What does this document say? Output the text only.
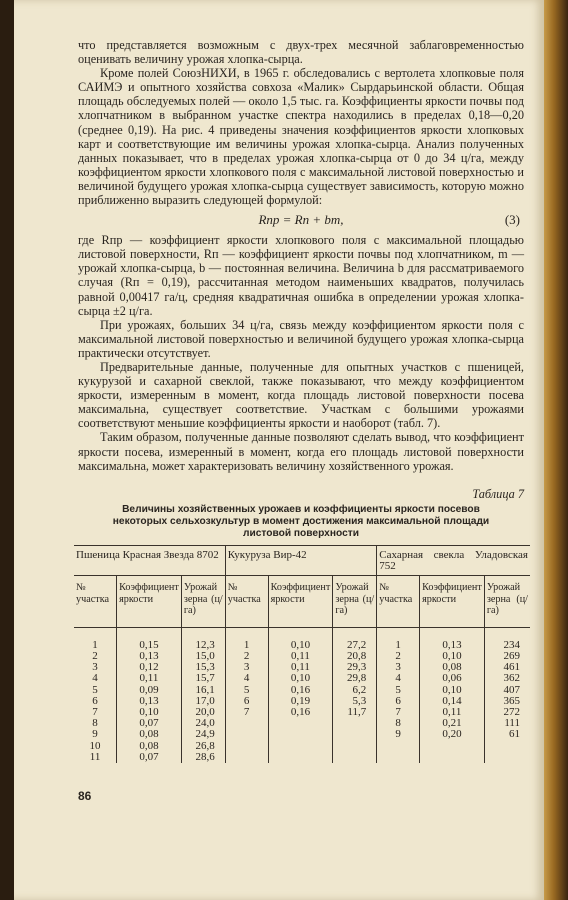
что представляется возможным с двух-трех месячной заблаговременностью оценивать величину урожая хлопка-сырца.

Кроме полей СоюзНИХИ, в 1965 г. обследовались с вертолета хлопковые поля САИМЭ и опытного хозяйства совхоза «Малик» Сырдарьинской области. Общая площадь обследуемых полей — около 1,5 тыс. га. Коэффициенты яркости почвы под хлопчатником в выбранном участке спектра находились в пределах 0,18—0,20 (среднее 0,19). На рис. 4 приведены значения коэффициентов яркости хлопковых карт и соответствующие им величины урожая хлопка-сырца. Анализ полученных данных показывает, что в пределах урожая хлопка-сырца от 0 до 34 ц/га, между коэффициентом яркости хлопкового поля с максимальной листовой поверхностью и величиной будущего урожая хлопка-сырца существует зависимость, которую можно приближенно выразить следующей формулой:

Rпр = Rп + bm,	(3)

где Rпр — коэффициент яркости хлопкового поля с максимальной площадью листовой поверхности, Rп — коэффициент яркости почвы под хлопчатником, m — урожай хлопка-сырца, b — постоянная величина. Величина b для рассматриваемого случая (Rп = 0,19), рассчитанная методом наименьших квадратов, получилась равной 0,00417 га/ц, средняя квадратичная ошибка в определении урожая хлопка-сырца ±2 ц/га.

При урожаях, больших 34 ц/га, связь между коэффициентом яркости поля с максимальной листовой поверхностью и величиной будущего урожая хлопка-сырца практически отсутствует.

Предварительные данные, полученные для опытных участков с пшеницей, кукурузой и сахарной свеклой, также показывают, что между коэффициентом яркости, измеренным в момент, когда площадь листовой поверхности посева максимальна, существует соответствие. Участкам с большими урожаями соответствуют меньшие коэффициенты яркости и наоборот (табл. 7).

Таким образом, полученные данные позволяют сделать вывод, что коэффициент яркости посева, измеренный в момент, когда его площадь листовой поверхности максимальна, может характеризовать величину хозяйственного урожая.

Таблица 7
Величины хозяйственных урожаев и коэффициенты яркости посевов некоторых сельхозкультур в момент достижения максимальной площади листовой поверхности
Пшеница Красная Звезда 8702			Кукуруза Вир-42			Сахарная свекла Уладовская 752		
№ участка	Коэффициент яркости	Урожай зерна (ц/га)	№ участка	Коэффициент яркости	Урожай зерна (ц/га)	№ участка	Коэффициент яркости	Урожай зерна (ц/га)
1	0,15	12,3	1	0,10	27,2	1	0,13	234
2	0,13	15,0	2	0,11	20,8	2	0,10	269
3	0,12	15,3	3	0,11	29,3	3	0,08	461
4	0,11	15,7	4	0,10	29,8	4	0,06	362
5	0,09	16,1	5	0,16	6,2	5	0,10	407
6	0,13	17,0	6	0,19	5,3	6	0,14	365
7	0,10	20,0	7	0,16	11,7	7	0,11	272
8	0,07	24,0				8	0,21	111
9	0,08	24,9				9	0,20	61
10	0,08	26,8						
11	0,07	28,6						
86
